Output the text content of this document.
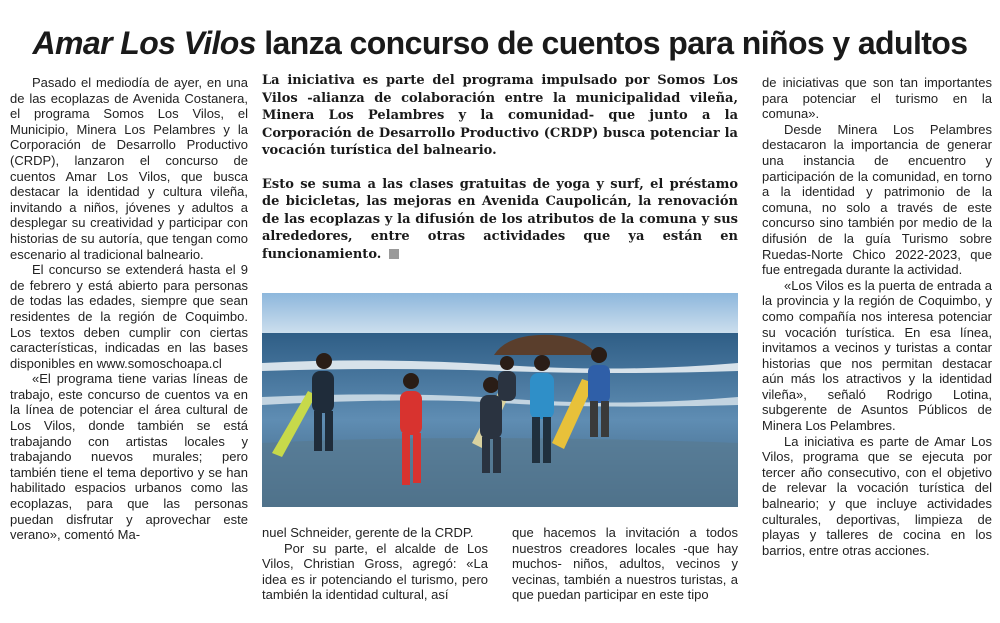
Amar Los Vilos lanza concurso de cuentos para niños y adultos

Pasado el mediodía de ayer, en una de las ecoplazas de Avenida Costanera, el programa Somos Los Vilos, el Municipio, Minera Los Pelambres y la Corporación de Desarrollo Productivo (CRDP), lanzaron el concurso de cuentos Amar Los Vilos, que busca destacar la identidad y cultura vileña, invitando a niños, jóvenes y adultos a desplegar su creatividad y participar con historias de su autoría, que tengan como escenario al tradicional balneario.

El concurso se extenderá hasta el 9 de febrero y está abierto para personas de todas las edades, siempre que sean residentes de la región de Coquimbo. Los textos deben cumplir con ciertas características, indicadas en las bases disponibles en www.somoschoapa.cl

«El programa tiene varias líneas de trabajo, este concurso de cuentos va en la línea de potenciar el área cultural de Los Vilos, donde también se está trabajando con artistas locales y trabajando nuevos murales; pero también tiene el tema deportivo y se han habilitado espacios urbanos como las ecoplazas, para que las personas puedan disfrutar y aprovechar este verano», comentó Ma-

La iniciativa es parte del programa impulsado por Somos Los Vilos -alianza de colaboración entre la municipalidad vileña, Minera Los Pelambres y la comunidad- que junto a la Corporación de Desarrollo Productivo (CRDP) busca potenciar la vocación turística del balneario.

Esto se suma a las clases gratuitas de yoga y surf, el préstamo de bicicletas, las mejoras en Avenida Caupolicán, la renovación de las ecoplazas y la difusión de los atributos de la comuna y sus alrededores, entre otras actividades que ya están en funcionamiento.

nuel Schneider, gerente de la CRDP.

Por su parte, el alcalde de Los Vilos, Christian Gross, agregó: «La idea es ir potenciando el turismo, pero también la identidad cultural, así

que hacemos la invitación a todos nuestros creadores locales -que hay muchos- niños, adultos, vecinos y vecinas, también a nuestros turistas, a que puedan participar en este tipo

de iniciativas que son tan importantes para potenciar el turismo en la comuna».

Desde Minera Los Pelambres destacaron la importancia de generar una instancia de encuentro y participación de la comunidad, en torno a la identidad y patrimonio de la comuna, no solo a través de este concurso sino también por medio de la difusión de la guía Turismo sobre Ruedas-Norte Chico 2022-2023, que fue entregada durante la actividad.

«Los Vilos es la puerta de entrada a la provincia y la región de Coquimbo, y como compañía nos interesa potenciar su vocación turística. En esa línea, invitamos a vecinos y turistas a contar historias que nos permitan destacar aún más los atractivos y la identidad vileña», señaló Rodrigo Lotina, subgerente de Asuntos Públicos de Minera Los Pelambres.

La iniciativa es parte de Amar Los Vilos, programa que se ejecuta por tercer año consecutivo, con el objetivo de relevar la vocación turística del balneario; y que incluye actividades culturales, deportivas, limpieza de playas y talleres de cocina en los barrios, entre otras acciones.
